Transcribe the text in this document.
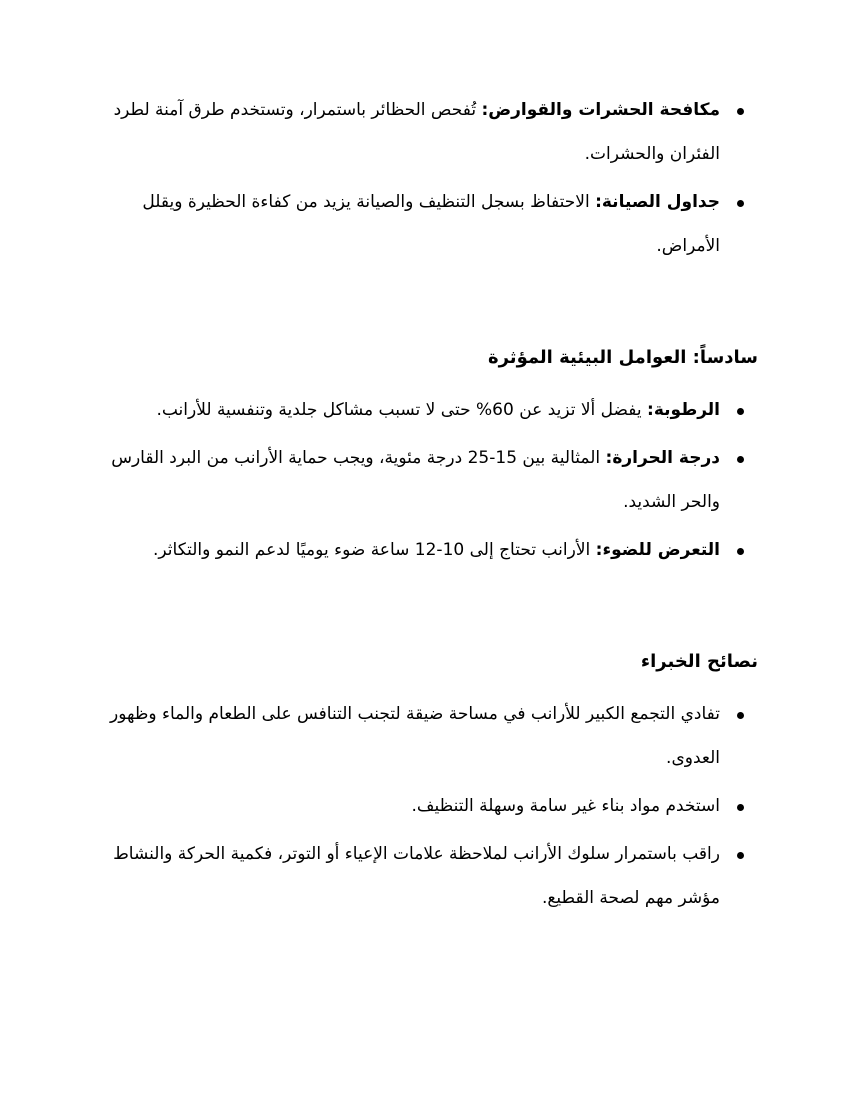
مكافحة الحشرات والقوارض: تُفحص الحظائر باستمرار، وتستخدم طرق آمنة لطرد الفئران والحشرات.
جداول الصيانة: الاحتفاظ بسجل التنظيف والصيانة يزيد من كفاءة الحظيرة ويقلل الأمراض.
سادساً: العوامل البيئية المؤثرة
الرطوبة: يفضل ألا تزيد عن 60% حتى لا تسبب مشاكل جلدية وتنفسية للأرانب.
درجة الحرارة: المثالية بين 15-25 درجة مئوية، ويجب حماية الأرانب من البرد القارس والحر الشديد.
التعرض للضوء: الأرانب تحتاج إلى 10-12 ساعة ضوء يوميًا لدعم النمو والتكاثر.
نصائح الخبراء
تفادي التجمع الكبير للأرانب في مساحة ضيقة لتجنب التنافس على الطعام والماء وظهور العدوى.
استخدم مواد بناء غير سامة وسهلة التنظيف.
راقب باستمرار سلوك الأرانب لملاحظة علامات الإعياء أو التوتر، فكمية الحركة والنشاط مؤشر مهم لصحة القطيع.
